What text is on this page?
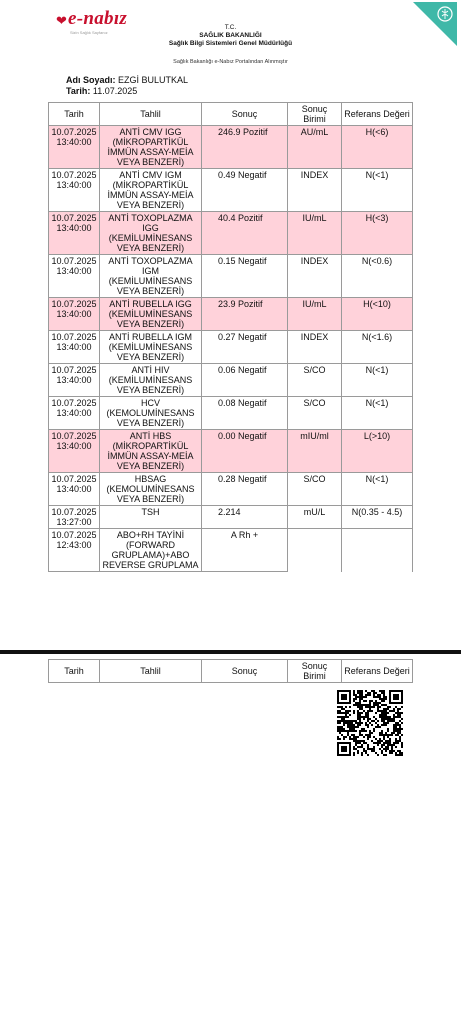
❤ e-nabız
Sizin Sağlık Sayfanız
T.C.
SAĞLIK BAKANLIĞI
Sağlık Bilgi Sistemleri Genel Müdürlüğü
Sağlık Bakanlığı e-Nabız Portalından Alınmıştır
Adı Soyadı: EZGİ BULUTKAL
Tarih: 11.07.2025
Tarih	Tahlil	Sonuç	Sonuç Birimi	Referans Değeri
10.07.2025 13:40:00	ANTİ CMV IGG (MİKROPARTİKÜL İMMÜN ASSAY-MEİA VEYA BENZERİ)	246.9 Pozitif	AU/mL	H(<6)
10.07.2025 13:40:00	ANTİ CMV IGM (MİKROPARTİKÜL İMMÜN ASSAY-MEİA VEYA BENZERİ)	0.49 Negatif	INDEX	N(<1)
10.07.2025 13:40:00	ANTİ TOXOPLAZMA IGG (KEMİLUMİNESANS VEYA BENZERİ)	40.4 Pozitif	IU/mL	H(<3)
10.07.2025 13:40:00	ANTİ TOXOPLAZMA IGM (KEMİLUMİNESANS VEYA BENZERİ)	0.15 Negatif	INDEX	N(<0.6)
10.07.2025 13:40:00	ANTİ RUBELLA IGG (KEMİLUMİNESANS VEYA BENZERİ)	23.9 Pozitif	IU/mL	H(<10)
10.07.2025 13:40:00	ANTİ RUBELLA IGM (KEMİLUMİNESANS VEYA BENZERİ)	0.27 Negatif	INDEX	N(<1.6)
10.07.2025 13:40:00	ANTİ HIV (KEMİLUMİNESANS VEYA BENZERİ)	0.06 Negatif	S/CO	N(<1)
10.07.2025 13:40:00	HCV (KEMOLUMİNESANS VEYA BENZERİ)	0.08 Negatif	S/CO	N(<1)
10.07.2025 13:40:00	ANTİ HBS (MİKROPARTİKÜL İMMÜN ASSAY-MEİA VEYA BENZERİ)	0.00 Negatif	mIU/ml	L(>10)
10.07.2025 13:40:00	HBSAG (KEMOLUMİNESANS VEYA BENZERİ)	0.28 Negatif	S/CO	N(<1)
10.07.2025 13:27:00	TSH	2.214	mU/L	N(0.35 - 4.5)
10.07.2025 12:43:00	ABO+RH TAYİNİ (FORWARD GRUPLAMA)+ABO REVERSE GRUPLAMA	A Rh +		
Tarih	Tahlil	Sonuç	Sonuç Birimi	Referans Değeri
